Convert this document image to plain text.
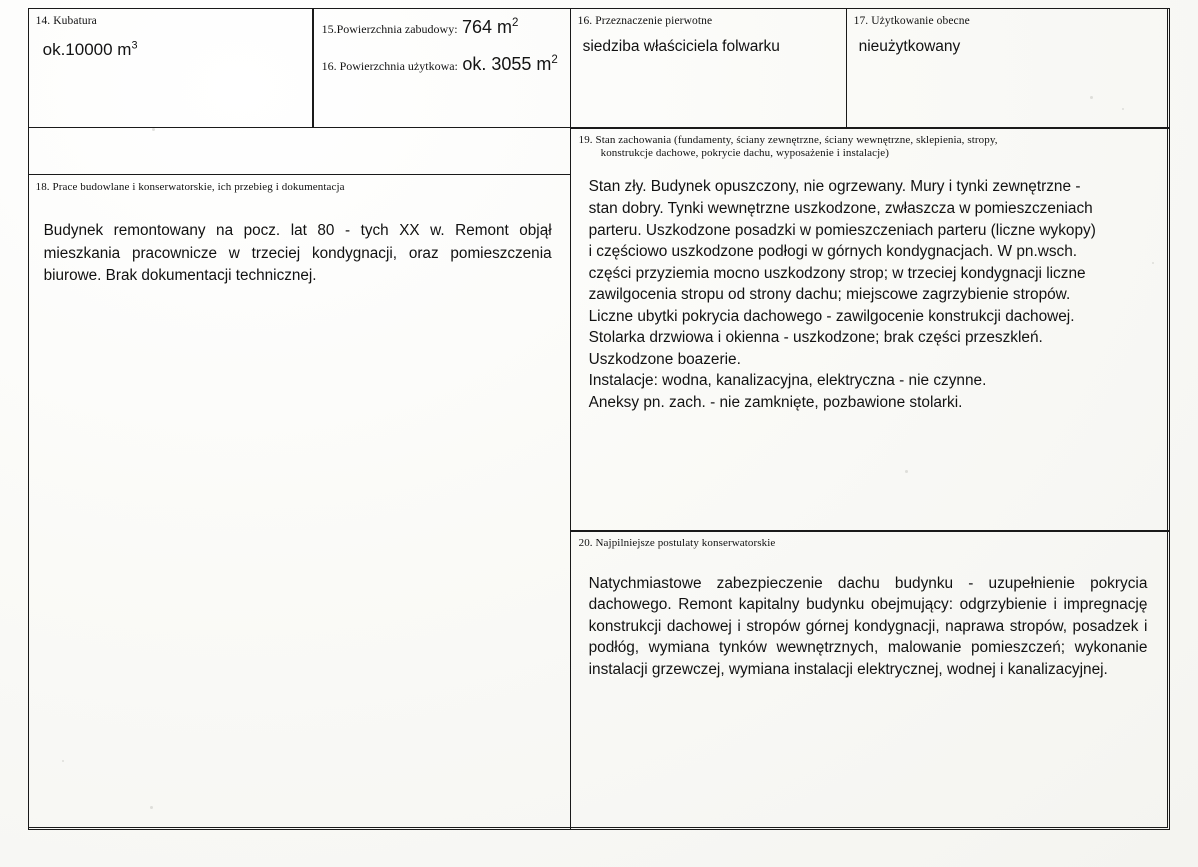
14. Kubatura
ok.10000 $m^3$
15.Powierzchnia zabudowy: 764 $m^2$
16. Powierzchnia użytkowa: ok. 3055 $m^2$
16. Przeznaczenie pierwotne
siedziba właściciela folwarku
17. Użytkowanie obecne
nieużytkowany
18. Prace budowlane i konserwatorskie, ich przebieg i dokumentacja
Budynek remontowany na pocz. lat 80 - tych XX w. Remont objął mieszkania pracownicze w trzeciej kondygnacji, oraz pomieszczenia biurowe. Brak dokumentacji technicznej.
19. Stan zachowania (fundamenty, ściany zewnętrzne, ściany wewnętrzne, sklepienia, stropy,
konstrukcje dachowe, pokrycie dachu, wyposażenie i instalacje)
Stan zły. Budynek opuszczony, nie ogrzewany. Mury i tynki zewnętrzne -
stan dobry. Tynki wewnętrzne uszkodzone, zwłaszcza w pomieszczeniach
parteru. Uszkodzone posadzki w pomieszczeniach parteru (liczne wykopy)
i częściowo uszkodzone podłogi w górnych kondygnacjach. W pn.wsch.
części przyziemia mocno uszkodzony strop; w trzeciej kondygnacji liczne
zawilgocenia stropu od strony dachu; miejscowe zagrzybienie stropów.
Liczne ubytki pokrycia dachowego - zawilgocenie konstrukcji dachowej.
Stolarka drzwiowa i okienna - uszkodzone; brak części przeszkleń.
Uszkodzone boazerie.
Instalacje: wodna, kanalizacyjna, elektryczna - nie czynne.
Aneksy pn. zach. - nie zamknięte, pozbawione stolarki.
20. Najpilniejsze postulaty konserwatorskie
Natychmiastowe zabezpieczenie dachu budynku - uzupełnienie pokrycia dachowego. Remont kapitalny budynku obejmujący: odgrzybienie i impregnację konstrukcji dachowej i stropów górnej kondygnacji, naprawa stropów, posadzek i podłóg, wymiana tynków wewnętrznych, malowanie pomieszczeń; wykonanie instalacji grzewczej, wymiana instalacji elektrycznej, wodnej i kanalizacyjnej.
